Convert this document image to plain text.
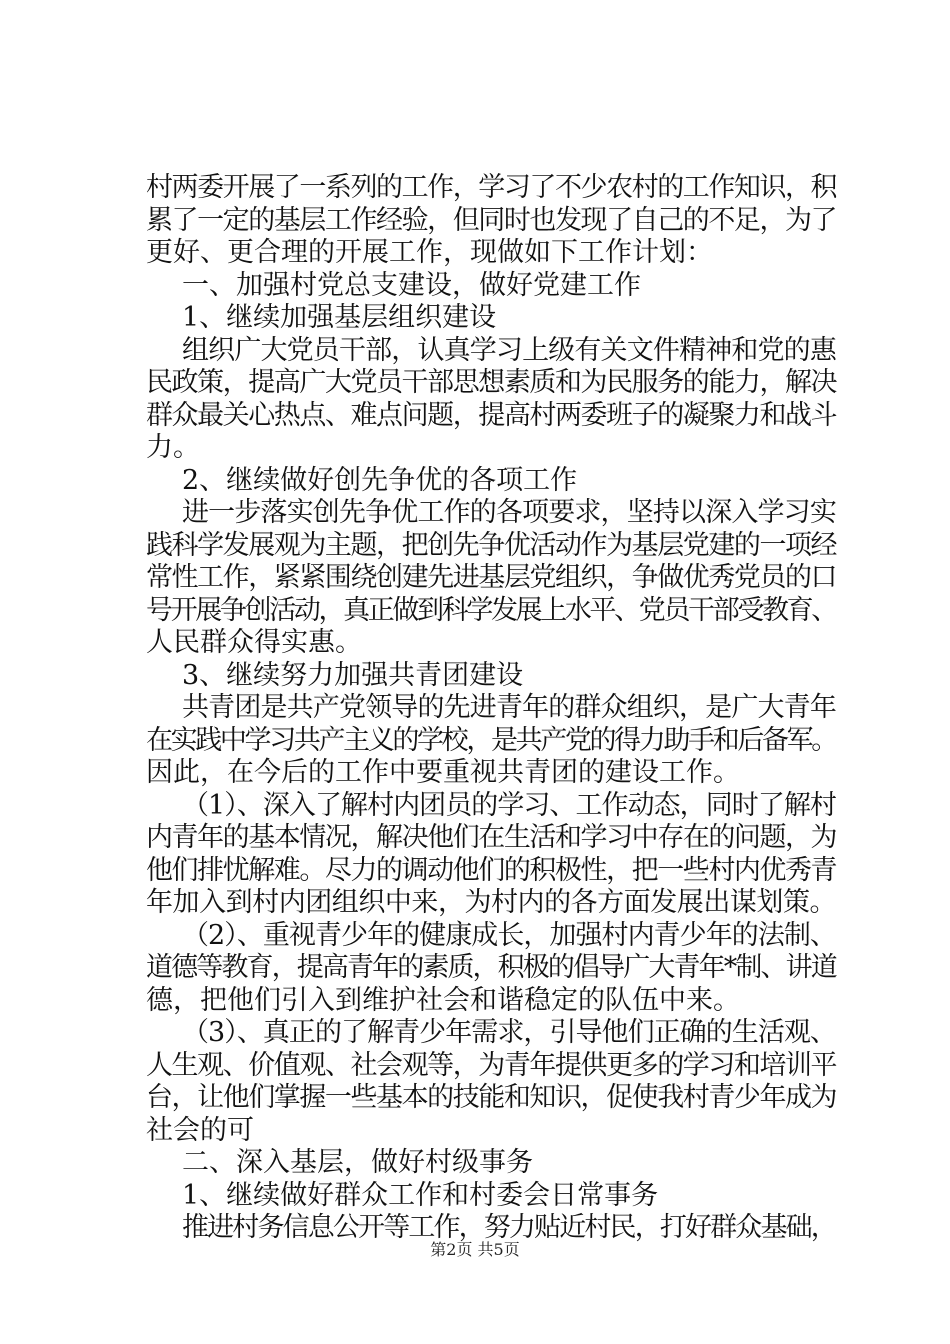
村两委开展了一系列的工作，学习了不少农村的工作知识，积
累了一定的基层工作经验，但同时也发现了自己的不足，为了
更好、更合理的开展工作，现做如下工作计划：
一、加强村党总支建设，做好党建工作
1、继续加强基层组织建设
组织广大党员干部，认真学习上级有关文件精神和党的惠
民政策，提高广大党员干部思想素质和为民服务的能力，解决
群众最关心热点、难点问题，提高村两委班子的凝聚力和战斗
力。
2、继续做好创先争优的各项工作
进一步落实创先争优工作的各项要求，坚持以深入学习实
践科学发展观为主题，把创先争优活动作为基层党建的一项经
常性工作，紧紧围绕创建先进基层党组织，争做优秀党员的口
号开展争创活动，真正做到科学发展上水平、党员干部受教育、
人民群众得实惠。
3、继续努力加强共青团建设
共青团是共产党领导的先进青年的群众组织，是广大青年
在实践中学习共产主义的学校，是共产党的得力助手和后备军。
因此，在今后的工作中要重视共青团的建设工作。
（1）、深入了解村内团员的学习、工作动态，同时了解村
内青年的基本情况，解决他们在生活和学习中存在的问题，为
他们排忧解难。尽力的调动他们的积极性，把一些村内优秀青
年加入到村内团组织中来，为村内的各方面发展出谋划策。
（2）、重视青少年的健康成长，加强村内青少年的法制、
道德等教育，提高青年的素质，积极的倡导广大青年*制、讲道
德，把他们引入到维护社会和谐稳定的队伍中来。
（3）、真正的了解青少年需求，引导他们正确的生活观、
人生观、价值观、社会观等，为青年提供更多的学习和培训平
台，让他们掌握一些基本的技能和知识，促使我村青少年成为
社会的可
二、深入基层，做好村级事务
1、继续做好群众工作和村委会日常事务
推进村务信息公开等工作，努力贴近村民，打好群众基础，
第2页 共5页
